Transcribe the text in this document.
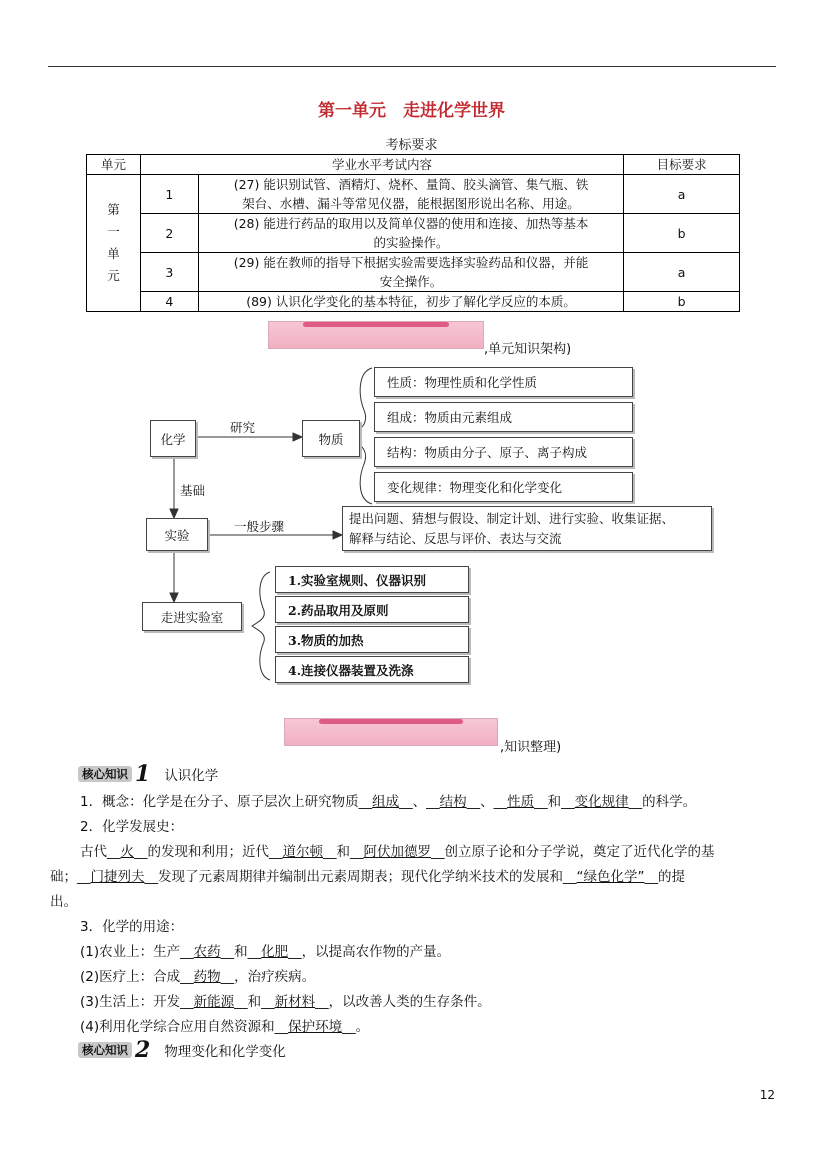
第一单元　走进化学世界
考标要求
单元	学业水平考试内容		目标要求

第一单元	1	(27) 能识别试管、酒精灯、烧杯、量筒、胶头滴管、集气瓶、铁
架台、水槽、漏斗等常见仪器，能根据图形说出名称、用途。	a
	2	(28) 能进行药品的取用以及简单仪器的使用和连接、加热等基本
的实验操作。	b
	3	(29) 能在教师的指导下根据实验需要选择实验药品和仪器，并能
安全操作。	a
	4	(89) 认识化学变化的基本特征，初步了解化学反应的本质。	b
,单元知识架构)
化学
研究
物质
性质：物理性质和化学性质
组成：物质由元素组成
结构：物质由分子、原子、离子构成
变化规律：物理变化和化学变化
基础
实验
一般步骤
提出问题、猜想与假设、制定计划、进行实验、收集证据、
解释与结论、反思与评价、表达与交流
走进实验室
1.实验室规则、仪器识别
2.药品取用及原则
3.物质的加热
4.连接仪器装置及洗涤
,知识整理)
核心知识 1 认识化学
1．概念：化学是在分子、原子层次上研究物质__组成__、__结构__、__性质__和__变化规律__的科学。
2．化学发展史：
古代__火__的发现和利用；近代__道尔顿__和__阿伏加德罗__创立原子论和分子学说，奠定了近代化学的基
础；__门捷列夫__发现了元素周期律并编制出元素周期表；现代化学纳米技术的发展和__“绿色化学”__的提
出。
3．化学的用途：
(1)农业上：生产__农药__和__化肥__，以提高农作物的产量。
(2)医疗上：合成__药物__，治疗疾病。
(3)生活上：开发__新能源__和__新材料__，以改善人类的生存条件。
(4)利用化学综合应用自然资源和__保护环境__。
核心知识 2 物理变化和化学变化
12
